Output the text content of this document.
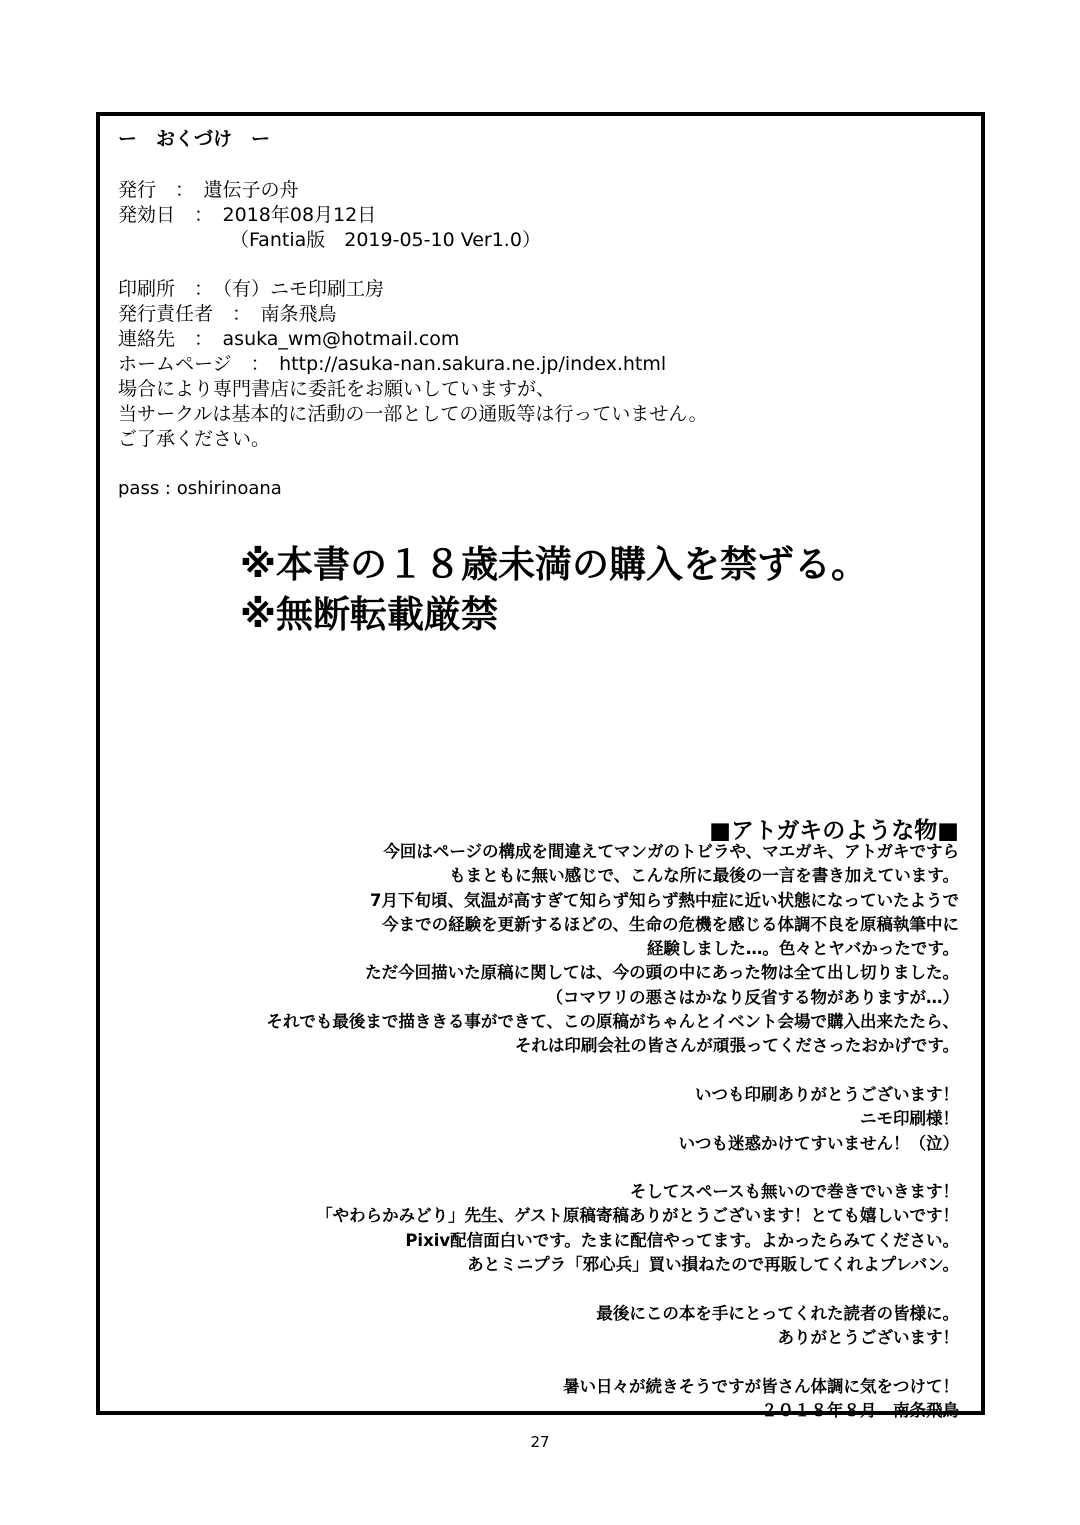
ー　おくづけ　ー
発行　：　 遺伝子の舟
発効日　：　 2018年08月12日
（Fantia版　2019-05-10 Ver1.0）
印刷所　：　 （有）ニモ印刷工房
発行責任者　：　 南条飛鳥
連絡先　：　 asuka_wm@hotmail.com
ホームページ　：　 http://asuka-nan.sakura.ne.jp/index.html
場合により専門書店に委託をお願いしていますが、
当サークルは基本的に活動の一部としての通販等は行っていません。
ご了承ください。
pass : oshirinoana
※本書の１８歳未満の購入を禁ずる。
※無断転載厳禁
■アトガキのような物■
今回はページの構成を間違えてマンガのトビラや、マエガキ、アトガキですら
もまともに無い感じで、こんな所に最後の一言を書き加えています。
7月下旬頃、気温が高すぎて知らず知らず熱中症に近い状態になっていたようで
今までの経験を更新するほどの、生命の危機を感じる体調不良を原稿執筆中に
経験しました…。色々とヤバかったです。
ただ今回描いた原稿に関しては、今の頭の中にあった物は全て出し切りました。
（コマワリの悪さはかなり反省する物がありますが…）
それでも最後まで描ききる事ができて、この原稿がちゃんとイベント会場で購入出来たたら、
それは印刷会社の皆さんが頑張ってくださったおかげです。
いつも印刷ありがとうございます！
ニモ印刷様！
いつも迷惑かけてすいません！（泣）
そしてスペースも無いので巻きでいきます！
「やわらかみどり」先生、ゲスト原稿寄稿ありがとうございます！とても嬉しいです！
Pixiv配信面白いです。たまに配信やってます。よかったらみてください。
あとミニプラ「邪心兵」買い損ねたので再販してくれよプレバン。
最後にこの本を手にとってくれた読者の皆様に。
ありがとうございます！
暑い日々が続きそうですが皆さん体調に気をつけて！
２０１８年８月　南条飛鳥
27
